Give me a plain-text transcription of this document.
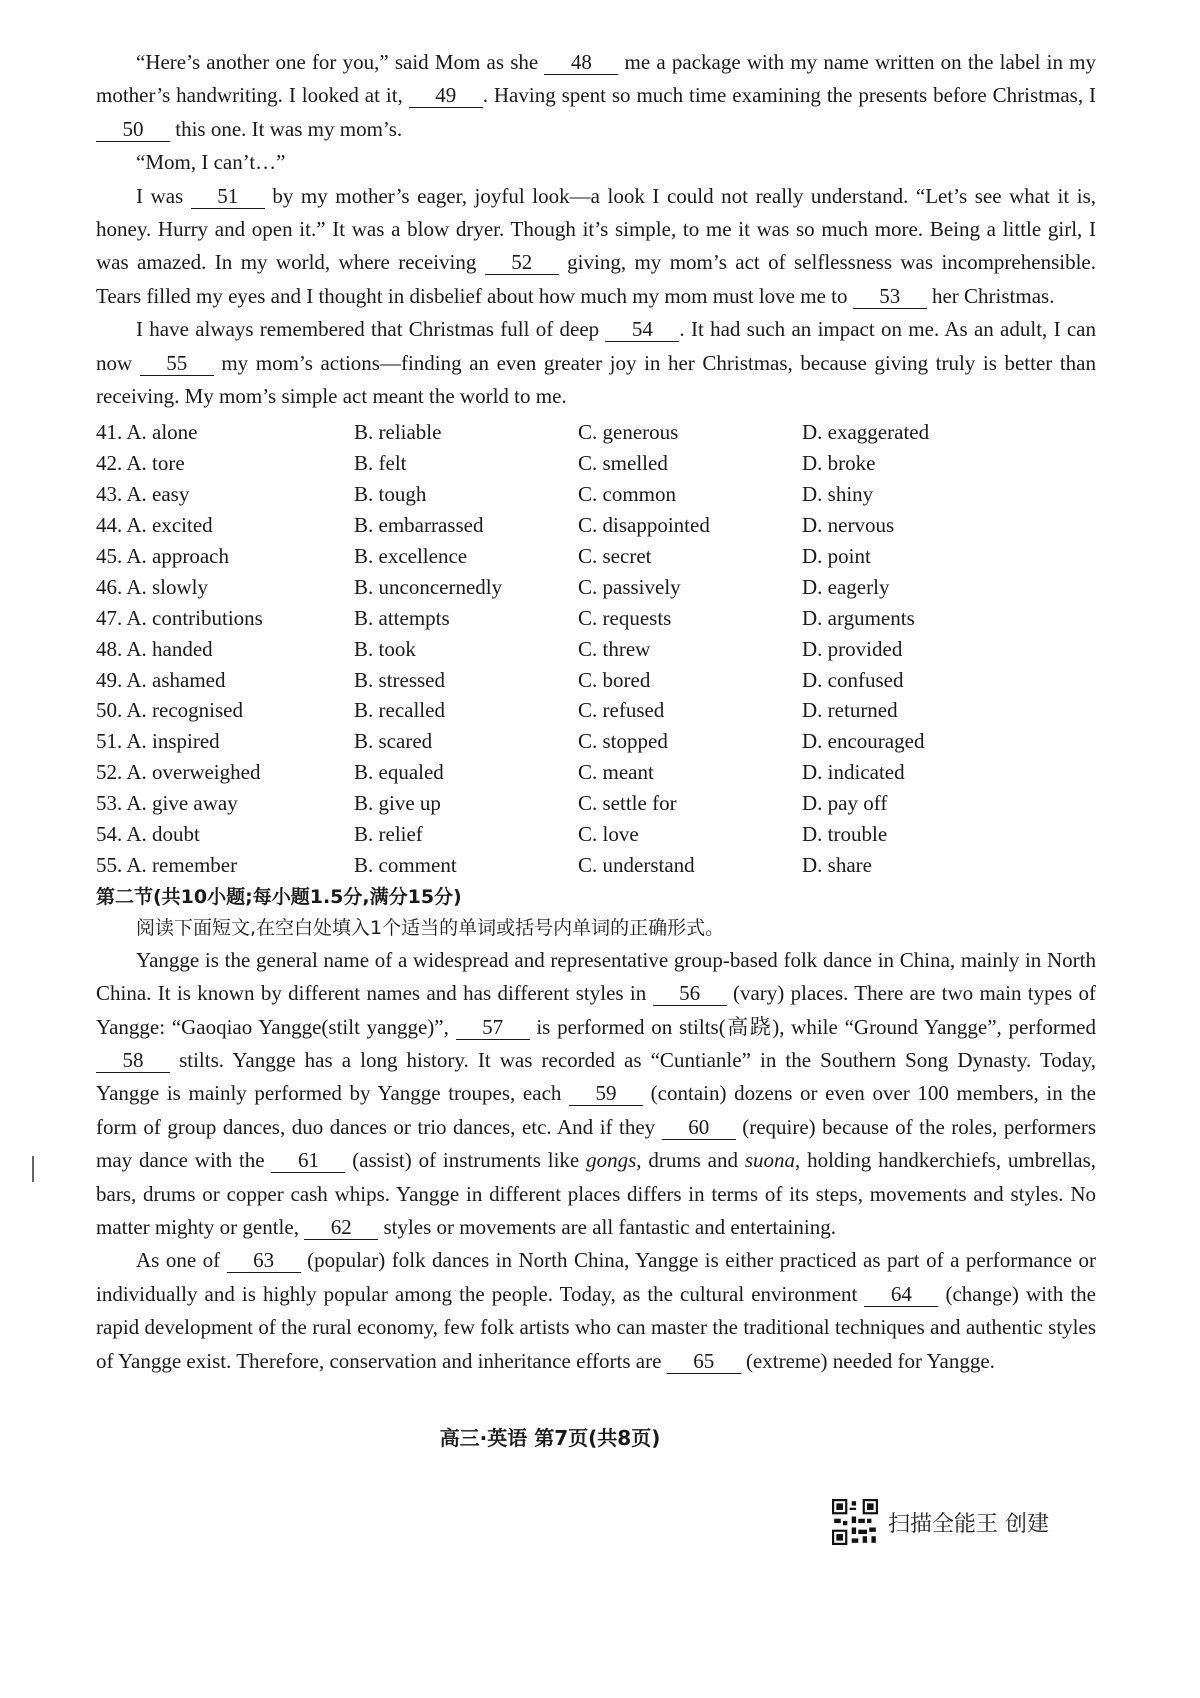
“Here’s another one for you,” said Mom as she 48 me a package with my name written on the label in my mother’s handwriting. I looked at it, 49 . Having spent so much time examining the presents before Christmas, I 50 this one. It was my mom’s.

“Mom, I can’t…”

I was 51 by my mother’s eager, joyful look—a look I could not really understand. “Let’s see what it is, honey. Hurry and open it.” It was a blow dryer. Though it’s simple, to me it was so much more. Being a little girl, I was amazed. In my world, where receiving 52 giving, my mom’s act of selflessness was incomprehensible. Tears filled my eyes and I thought in disbelief about how much my mom must love me to 53 her Christmas.

I have always remembered that Christmas full of deep 54 . It had such an impact on me. As an adult, I can now 55 my mom’s actions—finding an even greater joy in her Christmas, because giving truly is better than receiving. My mom’s simple act meant the world to me.

41. A. alone	B. reliable	C. generous	D. exaggerated
42. A. tore	B. felt	C. smelled	D. broke
43. A. easy	B. tough	C. common	D. shiny
44. A. excited	B. embarrassed	C. disappointed	D. nervous
45. A. approach	B. excellence	C. secret	D. point
46. A. slowly	B. unconcernedly	C. passively	D. eagerly
47. A. contributions	B. attempts	C. requests	D. arguments
48. A. handed	B. took	C. threw	D. provided
49. A. ashamed	B. stressed	C. bored	D. confused
50. A. recognised	B. recalled	C. refused	D. returned
51. A. inspired	B. scared	C. stopped	D. encouraged
52. A. overweighed	B. equaled	C. meant	D. indicated
53. A. give away	B. give up	C. settle for	D. pay off
54. A. doubt	B. relief	C. love	D. trouble
55. A. remember	B. comment	C. understand	D. share

第二节(共10小题;每小题1.5分,满分15分)

阅读下面短文,在空白处填入1个适当的单词或括号内单词的正确形式。

Yangge is the general name of a widespread and representative group-based folk dance in China, mainly in North China. It is known by different names and has different styles in 56 (vary) places. There are two main types of Yangge: “Gaoqiao Yangge(stilt yangge)”, 57 is performed on stilts(高跷), while “Ground Yangge”, performed 58 stilts. Yangge has a long history. It was recorded as “Cuntianle” in the Southern Song Dynasty. Today, Yangge is mainly performed by Yangge troupes, each 59 (contain) dozens or even over 100 members, in the form of group dances, duo dances or trio dances, etc. And if they 60 (require) because of the roles, performers may dance with the 61 (assist) of instruments like gongs, drums and suona, holding handkerchiefs, umbrellas, bars, drums or copper cash whips. Yangge in different places differs in terms of its steps, movements and styles. No matter mighty or gentle, 62 styles or movements are all fantastic and entertaining.

As one of 63 (popular) folk dances in North China, Yangge is either practiced as part of a performance or individually and is highly popular among the people. Today, as the cultural environment 64 (change) with the rapid development of the rural economy, few folk artists who can master the traditional techniques and authentic styles of Yangge exist. Therefore, conservation and inheritance efforts are 65 (extreme) needed for Yangge.

高三·英语 第7页(共8页)
扫描全能王 创建
